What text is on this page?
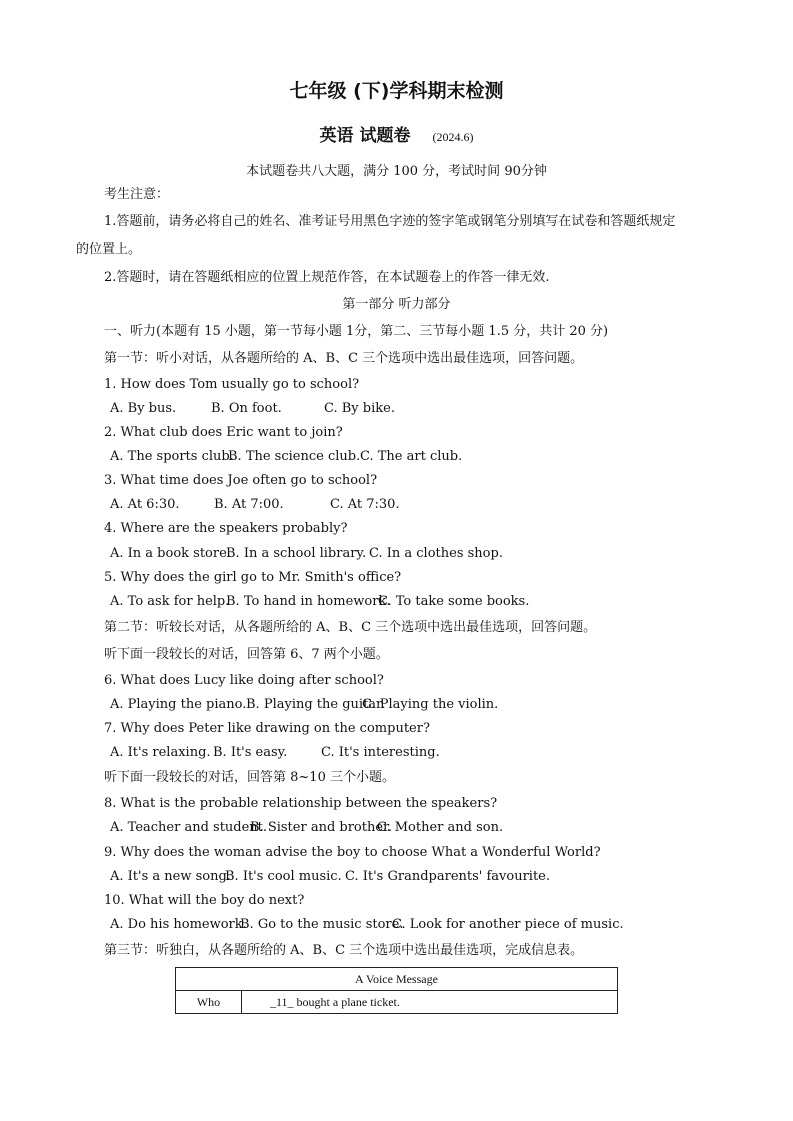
七年级 (下)学科期末检测
英语 试题卷 (2024.6)
本试题卷共八大题，满分 100 分，考试时间 90分钟
考生注意：
1.答题前，请务必将自己的姓名、准考证号用黑色字迹的签字笔或钢笔分别填写在试卷和答题纸规定
的位置上。
2.答题时，请在答题纸相应的位置上规范作答，在本试题卷上的作答一律无效.
第一部分 听力部分
一、听力(本题有 15 小题，第一节每小题 1分，第二、三节每小题 1.5 分，共计 20 分)
第一节：听小对话，从各题所给的 A、B、C 三个选项中选出最佳选项，回答问题。
1. How does Tom usually go to school?
A. By bus.	B. On foot.	C. By bike.
2. What club does Eric want to join?
A. The sports club.B. The science club.C. The art club.
3. What time does Joe often go to school?
A. At 6:30.	B. At 7:00.	C. At 7:30.
4. Where are the speakers probably?
A. In a book store.B. In a school library. C. In a clothes shop.
5. Why does the girl go to Mr. Smith's office?
A. To ask for help.B. To hand in homework.C. To take some books.
第二节：听较长对话，从各题所给的 A、B、C 三个选项中选出最佳选项，回答问题。
听下面一段较长的对话，回答第 6、7 两个小题。
6. What does Lucy like doing after school?
A. Playing the piano.B. Playing the guitar.C. Playing the violin.
7. Why does Peter like drawing on the computer?
A. It's relaxing. B. It's easy.	C. It's interesting.
听下面一段较长的对话，回答第 8~10 三个小题。
8. What is the probable relationship between the speakers?
A. Teacher and student.B. Sister and brother.C. Mother and son.
9. Why does the woman advise the boy to choose What a Wonderful World?
A. It's a new song.B. It's cool music. C. It's Grandparents' favourite.
10. What will the boy do next?
A. Do his homework.B. Go to the music store.C. Look for another piece of music.
第三节：听独白，从各题所给的 A、B、C 三个选项中选出最佳选项，完成信息表。
A Voice Message
Who	_11_ bought a plane ticket.
